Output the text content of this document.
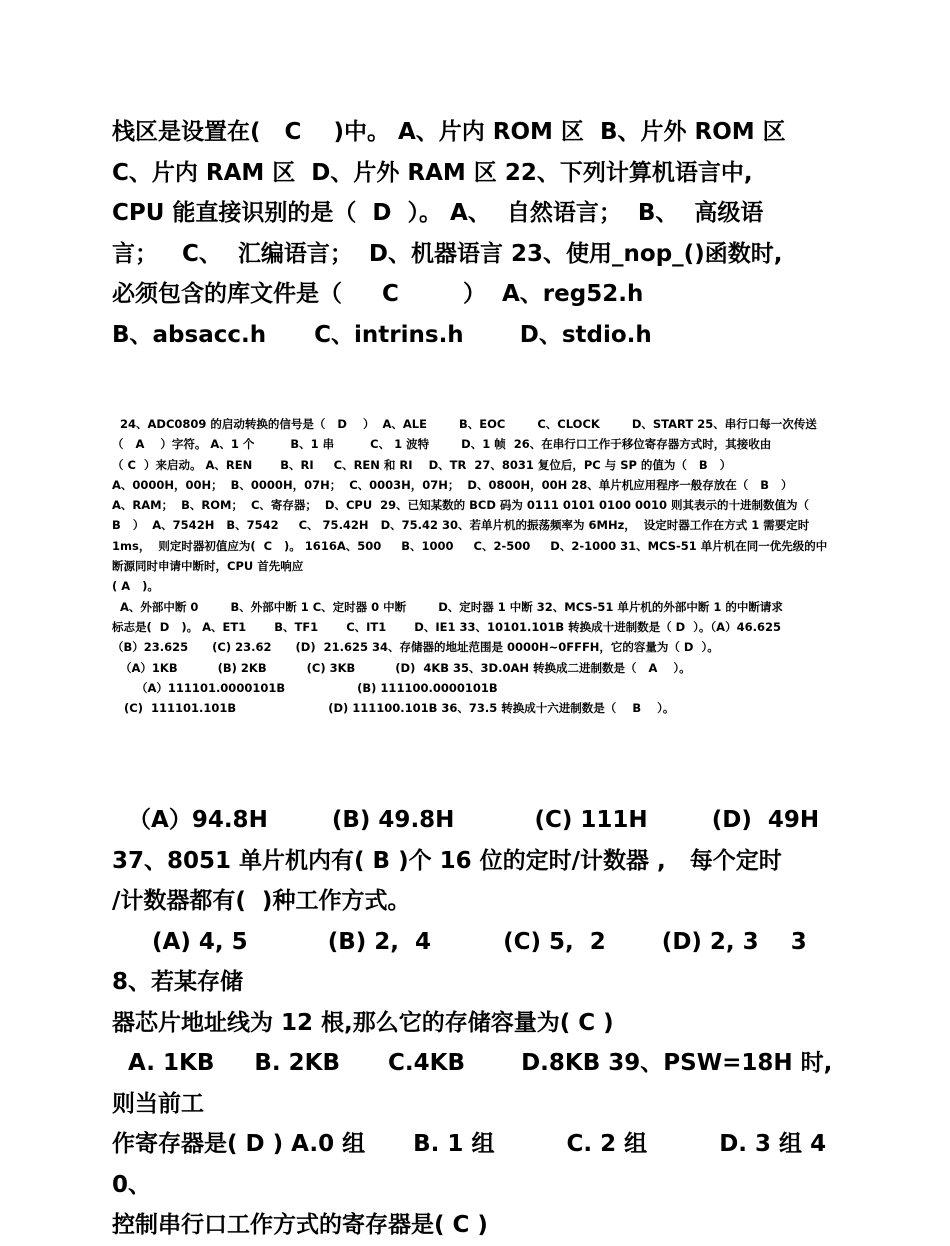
栈区是设置在(   C    )中。 A、片内 ROM 区  B、片外 ROM 区

C、片内 RAM 区  D、片外 RAM 区 22、下列计算机语言中,

CPU 能直接识别的是（  D  ）。 A、  自然语言；  B、  高级语

言；   C、  汇编语言；  D、机器语言 23、使用_nop_()函数时,

必须包含的库文件是（     C        ）  A、reg52.h

B、absacc.h      C、intrins.h       D、stdio.h

24、ADC0809 的启动转换的信号是（   D    ）  A、ALE        B、EOC        C、CLOCK        D、START 25、串行口每一次传送

（   A    ）字符。 A、1 个         B、1 串         C、 1 波特        D、1 帧  26、在串行口工作于移位寄存器方式时，其接收由

（ C  ）来启动。 A、REN       B、RI     C、REN 和 RI    D、TR  27、8031 复位后，PC 与 SP 的值为（   B   ）

A、0000H，00H；  B、0000H，07H；  C、0003H，07H；  D、0800H，00H 28、单片机应用程序一般存放在（   B   ）

A、RAM；  B、ROM；  C、寄存器；  D、CPU  29、已知某数的 BCD 码为 0111 0101 0100 0010 则其表示的十进制数值为（

B   ）  A、7542H   B、7542     C、 75.42H   D、75.42 30、若单片机的振荡频率为 6MHz，  设定时器工作在方式 1 需要定时

1ms，  则定时器初值应为(  C   )。 1616A、500     B、1000     C、2-500     D、2-1000 31、MCS-51 单片机在同一优先级的中

断源同时申请中断时，CPU 首先响应

( A   )。

A、外部中断 0        B、外部中断 1 C、定时器 0 中断        D、定时器 1 中断 32、MCS-51 单片机的外部中断 1 的中断请求

标志是(  D   )。 A、ET1       B、TF1       C、IT1       D、IE1 33、10101.101B 转换成十进制数是（ D  ）。（A）46.625

（B）23.625      (C) 23.62      (D)  21.625 34、存储器的地址范围是 0000H~0FFFH，它的容量为（ D  ）。

（A）1KB          (B) 2KB          (C) 3KB          (D)  4KB 35、3D.0AH 转换成二进制数是（   A    ）。

（A）111101.0000101B                  (B) 111100.0000101B

(C)  111101.101B                       (D) 111100.101B 36、73.5 转换成十六进制数是（    B    ）。

（A）94.8H        (B) 49.8H          (C) 111H        (D)  49H

37、8051 单片机内有( B )个 16 位的定时/计数器 ,   每个定时

/计数器都有(  )种工作方式。

(A) 4, 5          (B) 2,  4         (C) 5,  2       (D) 2, 3    38、若某存储

器芯片地址线为 12 根,那么它的存储容量为( C )

A. 1KB     B. 2KB      C.4KB       D.8KB 39、PSW=18H 时,则当前工

作寄存器是( D ) A.0 组      B. 1 组         C. 2 组         D. 3 组 40、

控制串行口工作方式的寄存器是( C )
